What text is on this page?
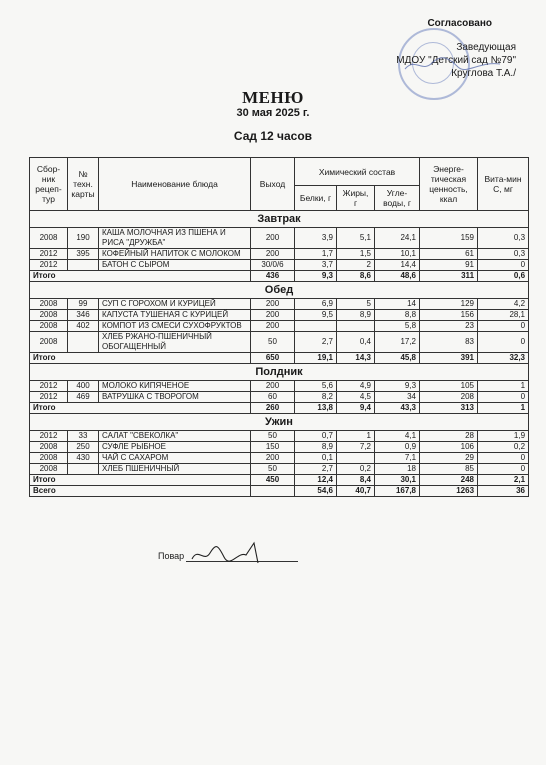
Согласовано
Заведующая
МДОУ "Детский сад №79"
Круглова Т.А./
МЕНЮ
30 мая 2025 г.
Сад 12 часов
Сбор-ник рецеп-тур	№ техн. карты	Наименование блюда	Выход	Химический состав			Энерге-тическая ценность, ккал	Вита-мин С, мг
				Белки, г	Жиры, г	Угле-воды, г		
Завтрак								
2008	190	КАША МОЛОЧНАЯ ИЗ ПШЕНА И РИСА "ДРУЖБА"	200	3,9	5,1	24,1	159	0,3
2012	395	КОФЕЙНЫЙ НАПИТОК С МОЛОКОМ	200	1,7	1,5	10,1	61	0,3
2012		БАТОН С СЫРОМ	30/0/6	3,7	2	14,4	91	0
Итого			436	9,3	8,6	48,6	311	0,6
Обед								
2008	99	СУП С ГОРОХОМ И КУРИЦЕЙ	200	6,9	5	14	129	4,2
2008	346	КАПУСТА ТУШЕНАЯ С КУРИЦЕЙ	200	9,5	8,9	8,8	156	28,1
2008	402	КОМПОТ ИЗ СМЕСИ СУХОФРУКТОВ	200			5,8	23	0
2008		ХЛЕБ РЖАНО-ПШЕНИЧНЫЙ ОБОГАЩЕННЫЙ	50	2,7	0,4	17,2	83	0
Итого			650	19,1	14,3	45,8	391	32,3
Полдник								
2012	400	МОЛОКО КИПЯЧЕНОЕ	200	5,6	4,9	9,3	105	1
2012	469	ВАТРУШКА С ТВОРОГОМ	60	8,2	4,5	34	208	0
Итого			260	13,8	9,4	43,3	313	1
Ужин								
2012	33	САЛАТ "СВЕКОЛКА"	50	0,7	1	4,1	28	1,9
2008	250	СУФЛЕ РЫБНОЕ	150	8,9	7,2	0,9	106	0,2
2008	430	ЧАЙ С САХАРОМ	200	0,1		7,1	29	0
2008		ХЛЕБ ПШЕНИЧНЫЙ	50	2,7	0,2	18	85	0
Итого			450	12,4	8,4	30,1	248	2,1
Всего				54,6	40,7	167,8	1263	36
Повар
